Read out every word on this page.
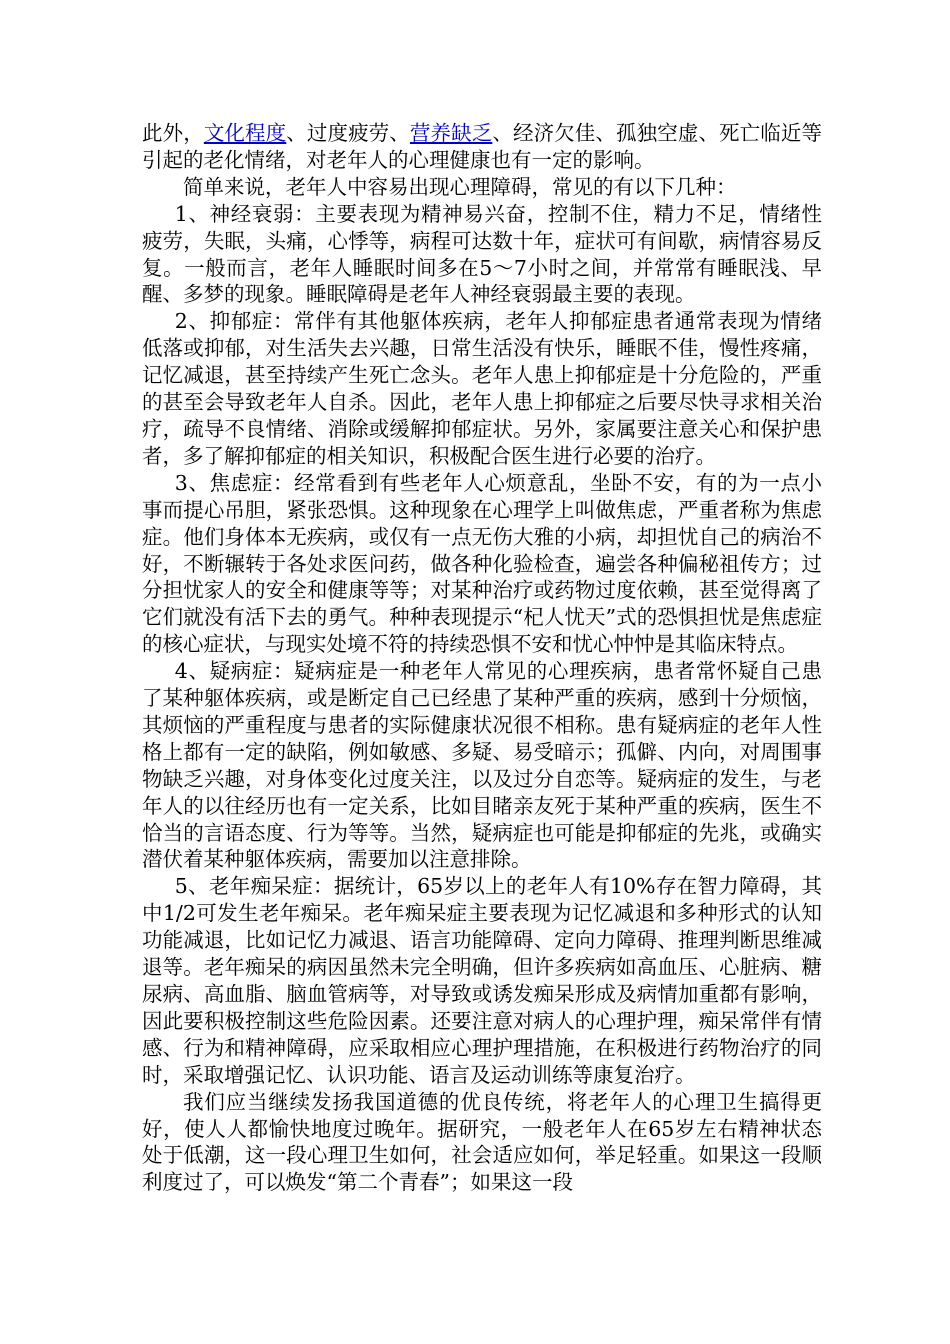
此外，文化程度、过度疲劳、营养缺乏、经济欠佳、孤独空虚、死亡临近等引起的老化情绪，对老年人的心理健康也有一定的影响。

简单来说，老年人中容易出现心理障碍，常见的有以下几种：

1、神经衰弱：主要表现为精神易兴奋，控制不住，精力不足，情绪性疲劳，失眠，头痛，心悸等，病程可达数十年，症状可有间歇，病情容易反复。一般而言，老年人睡眠时间多在5～7小时之间，并常常有睡眠浅、早醒、多梦的现象。睡眠障碍是老年人神经衰弱最主要的表现。

2、抑郁症：常伴有其他躯体疾病，老年人抑郁症患者通常表现为情绪低落或抑郁，对生活失去兴趣，日常生活没有快乐，睡眠不佳，慢性疼痛，记忆减退，甚至持续产生死亡念头。老年人患上抑郁症是十分危险的，严重的甚至会导致老年人自杀。因此，老年人患上抑郁症之后要尽快寻求相关治疗，疏导不良情绪、消除或缓解抑郁症状。另外，家属要注意关心和保护患者，多了解抑郁症的相关知识，积极配合医生进行必要的治疗。

3、焦虑症：经常看到有些老年人心烦意乱，坐卧不安，有的为一点小事而提心吊胆，紧张恐惧。这种现象在心理学上叫做焦虑，严重者称为焦虑症。他们身体本无疾病，或仅有一点无伤大雅的小病，却担忧自己的病治不好，不断辗转于各处求医问药，做各种化验检查，遍尝各种偏秘祖传方；过分担忧家人的安全和健康等等；对某种治疗或药物过度依赖，甚至觉得离了它们就没有活下去的勇气。种种表现提示“杞人忧天”式的恐惧担忧是焦虑症的核心症状，与现实处境不符的持续恐惧不安和忧心忡忡是其临床特点。

4、疑病症：疑病症是一种老年人常见的心理疾病，患者常怀疑自己患了某种躯体疾病，或是断定自己已经患了某种严重的疾病，感到十分烦恼，其烦恼的严重程度与患者的实际健康状况很不相称。患有疑病症的老年人性格上都有一定的缺陷，例如敏感、多疑、易受暗示；孤僻、内向，对周围事物缺乏兴趣，对身体变化过度关注，以及过分自恋等。疑病症的发生，与老年人的以往经历也有一定关系，比如目睹亲友死于某种严重的疾病，医生不恰当的言语态度、行为等等。当然，疑病症也可能是抑郁症的先兆，或确实潜伏着某种躯体疾病，需要加以注意排除。

5、老年痴呆症：据统计，65岁以上的老年人有10%存在智力障碍，其中1/2可发生老年痴呆。老年痴呆症主要表现为记忆减退和多种形式的认知功能减退，比如记忆力减退、语言功能障碍、定向力障碍、推理判断思维减退等。老年痴呆的病因虽然未完全明确，但许多疾病如高血压、心脏病、糖尿病、高血脂、脑血管病等，对导致或诱发痴呆形成及病情加重都有影响，因此要积极控制这些危险因素。还要注意对病人的心理护理，痴呆常伴有情感、行为和精神障碍，应采取相应心理护理措施，在积极进行药物治疗的同时，采取增强记忆、认识功能、语言及运动训练等康复治疗。

我们应当继续发扬我国道德的优良传统，将老年人的心理卫生搞得更好，使人人都愉快地度过晚年。据研究，一般老年人在65岁左右精神状态处于低潮，这一段心理卫生如何，社会适应如何，举足轻重。如果这一段顺利度过了，可以焕发“第二个青春”；如果这一段
